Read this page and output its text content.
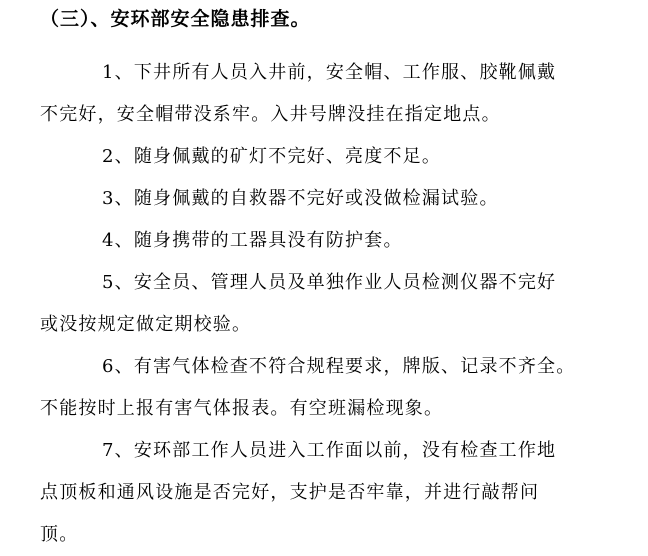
（三）、安环部安全隐患排查。
1、下井所有人员入井前，安全帽、工作服、胶靴佩戴
不完好，安全帽带没系牢。入井号牌没挂在指定地点。
2、随身佩戴的矿灯不完好、亮度不足。
3、随身佩戴的自救器不完好或没做检漏试验。
4、随身携带的工器具没有防护套。
5、安全员、管理人员及单独作业人员检测仪器不完好
或没按规定做定期校验。
6、有害气体检查不符合规程要求，牌版、记录不齐全。
不能按时上报有害气体报表。有空班漏检现象。
7、安环部工作人员进入工作面以前，没有检查工作地
点顶板和通风设施是否完好，支护是否牢靠，并进行敲帮问
顶。
